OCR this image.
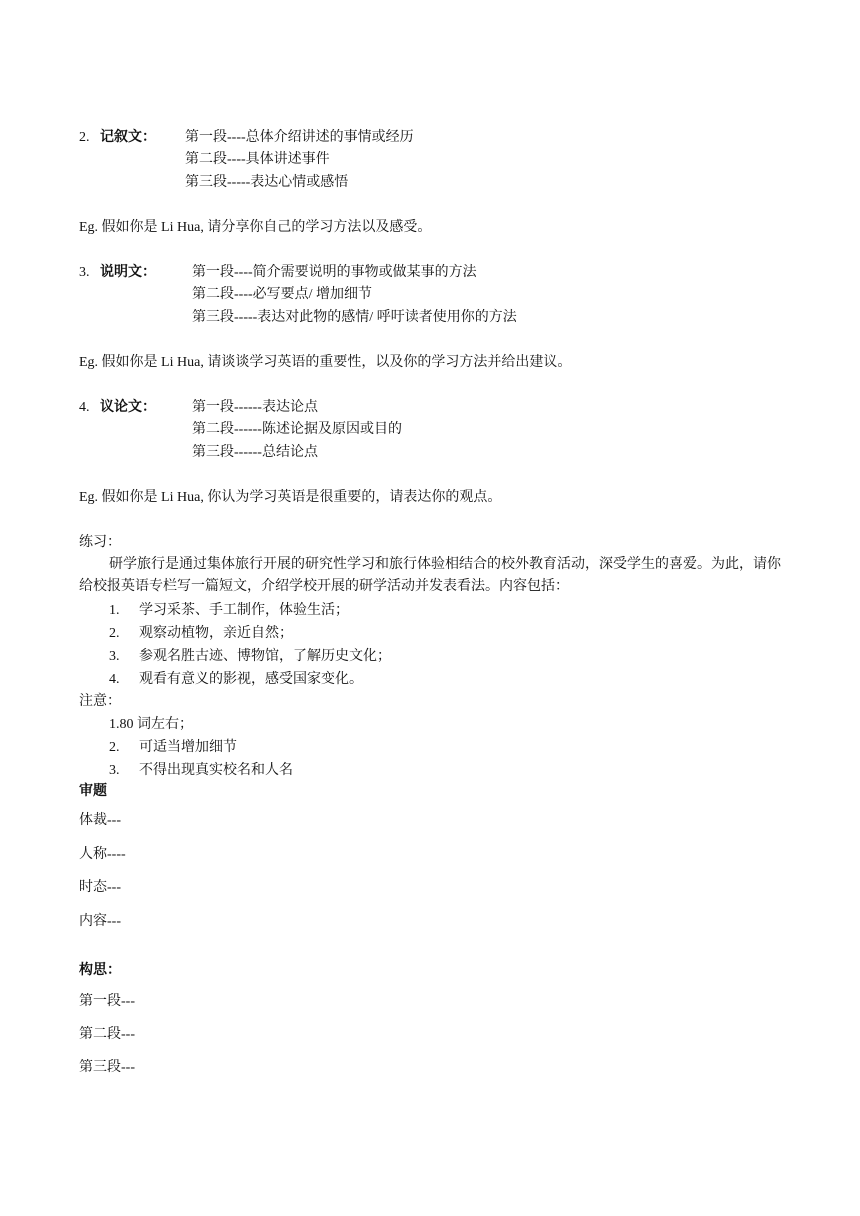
2. 记叙文： 第一段----总体介绍讲述的事情或经历
第二段----具体讲述事件
第三段-----表达心情或感悟
Eg. 假如你是 Li Hua, 请分享你自己的学习方法以及感受。
3. 说明文：	第一段----简介需要说明的事物或做某事的方法
第二段----必写要点/ 增加细节
第三段-----表达对此物的感情/ 呼吁读者使用你的方法
Eg. 假如你是 Li Hua, 请谈谈学习英语的重要性，以及你的学习方法并给出建议。
4. 议论文：	第一段------表达论点
第二段------陈述论据及原因或目的
第三段------总结论点
Eg. 假如你是 Li Hua, 你认为学习英语是很重要的，请表达你的观点。
练习：
研学旅行是通过集体旅行开展的研究性学习和旅行体验相结合的校外教育活动，深受学生的喜爱。为此，请你给校报英语专栏写一篇短文，介绍学校开展的研学活动并发表看法。内容包括：
1. 学习采茶、手工制作，体验生活；
2. 观察动植物，亲近自然；
3. 参观名胜古迹、博物馆，了解历史文化；
4. 观看有意义的影视，感受国家变化。
注意：
1.80 词左右；
2. 可适当增加细节
3. 不得出现真实校名和人名
审题
体裁---
人称----
时态---
内容---
构思：
第一段---
第二段---
第三段---
